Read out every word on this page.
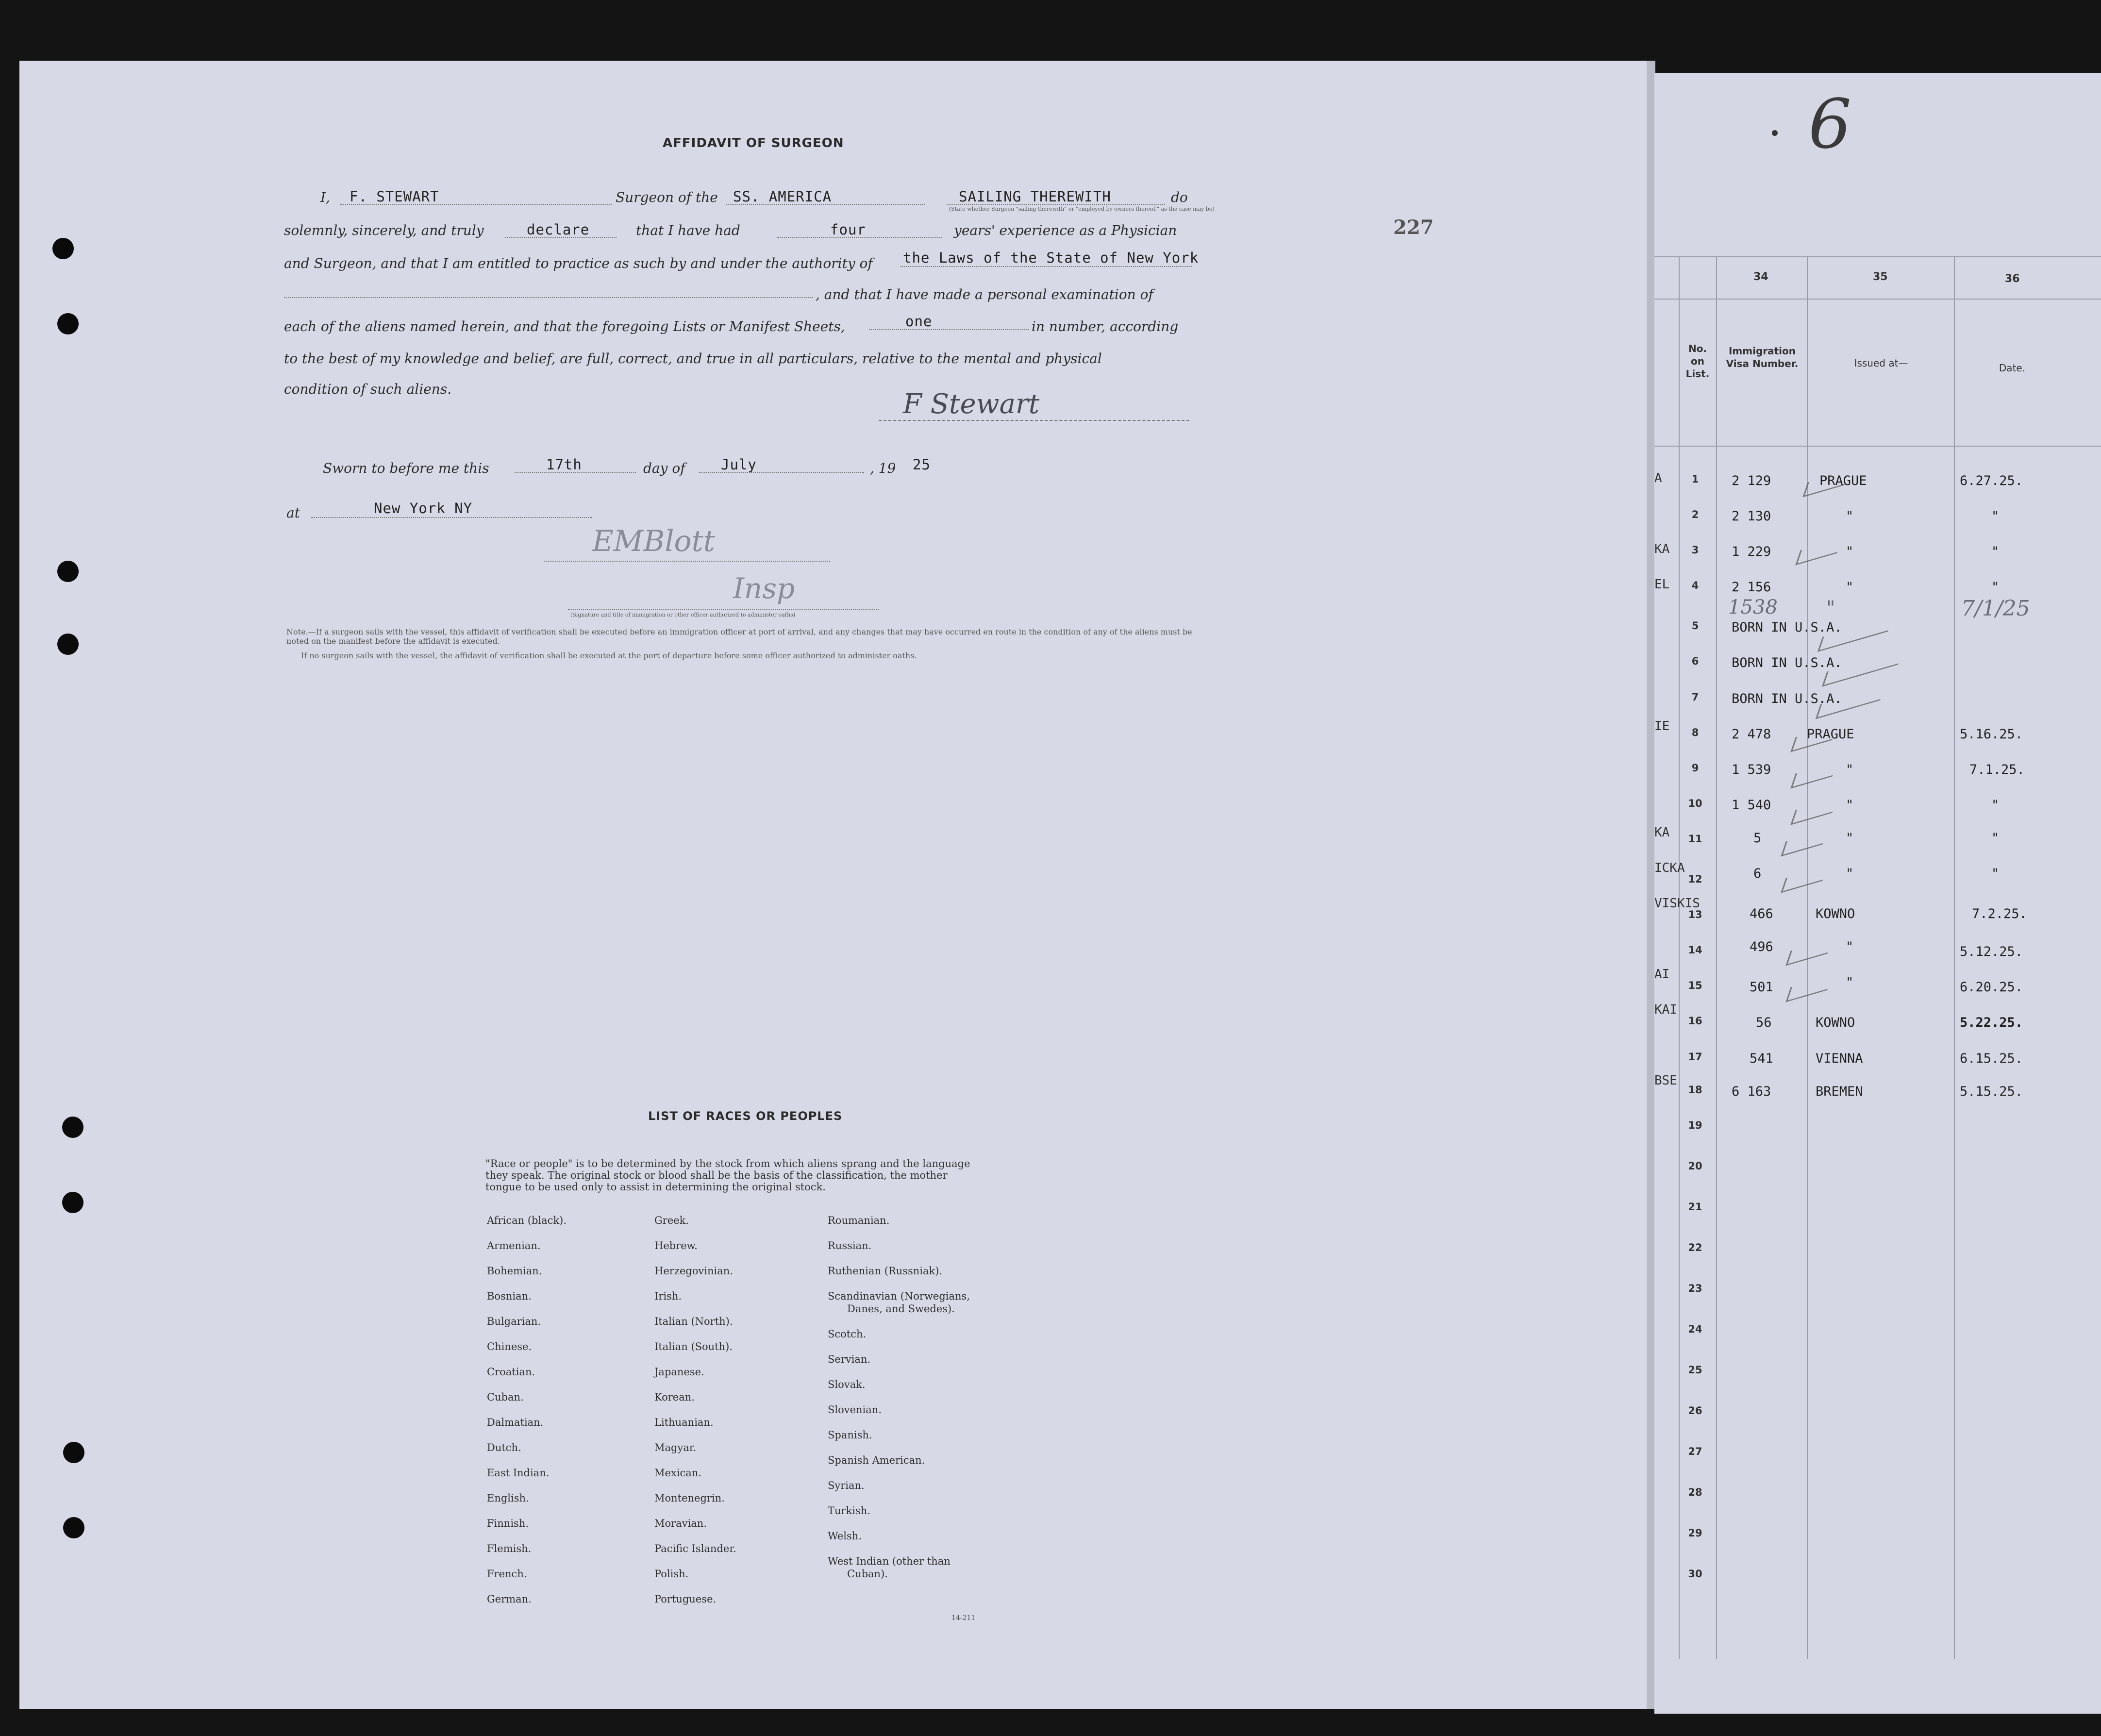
AFFIDAVIT OF SURGEON
I, F. STEWART	Surgeon of the SS. AMERICA	SAILING THEREWITH	do
(State whether Surgeon "sailing therewith" or "employed by owners thereof," as the case may be)
solemnly, sincerely, and truly	declare	that I have had	four	years' experience as a Physician
and Surgeon, and that I am entitled to practice as such by and under the authority of the Laws of the State of New York
, and that I have made a personal examination of
each of the aliens named herein, and that the foregoing Lists or Manifest Sheets,	one	in number, according
to the best of my knowledge and belief, are full, correct, and true in all particulars, relative to the mental and physical
condition of such aliens.	F Stewart
Sworn to before me this	17th	day of	July	, 19 25
at	New York NY
EMBlott
Insp
(Signature and title of immigration or other officer authorized to administer oaths)
Note.—If a surgeon sails with the vessel, this affidavit of verification shall be executed before an immigration officer at port of arrival, and any changes that may have occurred en route in the condition of any of the aliens must be noted on the manifest before the affidavit is executed.
If no surgeon sails with the vessel, the affidavit of verification shall be executed at the port of departure before some officer authorized to administer oaths.
227
LIST OF RACES OR PEOPLES
"Race or people" is to be determined by the stock from which aliens sprang and the language they speak. The original stock or blood shall be the basis of the classification, the mother tongue to be used only to assist in determining the original stock.
African (black).
Armenian.
Bohemian.
Bosnian.
Bulgarian.
Chinese.
Croatian.
Cuban.
Dalmatian.
Dutch.
East Indian.
English.
Finnish.
Flemish.
French.
German.
Greek.
Hebrew.
Herzegovinian.
Irish.
Italian (North).
Italian (South).
Japanese.
Korean.
Lithuanian.
Magyar.
Mexican.
Montenegrin.
Moravian.
Pacific Islander.
Polish.
Portuguese.
Roumanian.
Russian.
Ruthenian (Russniak).
Scandinavian (Norwegians,
Danes, and Swedes).
Scotch.
Servian.
Slovak.
Slovenian.
Spanish.
Spanish American.
Syrian.
Turkish.
Welsh.
West Indian (other than
Cuban).
14-211
6
34	35	36
No. on List.
Immigration Visa Number.	Issued at—	Date.
A
KA
EL
IE
KA
ICKA
VISKIS
AI
KAI
BSE
1	2 129	PRAGUE	6.27.25.
2	2 130	"	"
3	1 229	"	"
4	2 156	"	"
5	BORN IN U.S.A.
6	BORN IN U.S.A.
7	BORN IN U.S.A.
8	2 478	PRAGUE	5.16.25.
9	1 539	"	7.1.25.
10	1 540	"	"
11	5	"	"
12	6	"	"
13	466	KOWNO	7.2.25.
14	496	"	5.12.25.
15	501	"	6.20.25.
16	56	KOWNO	5.22.25.
17	541	VIENNA	6.15.25.
18	6 163	BREMEN	5.15.25.
19
20
21
22
23
24
25
26
27
28
29
30
1538	"	7/1/25
